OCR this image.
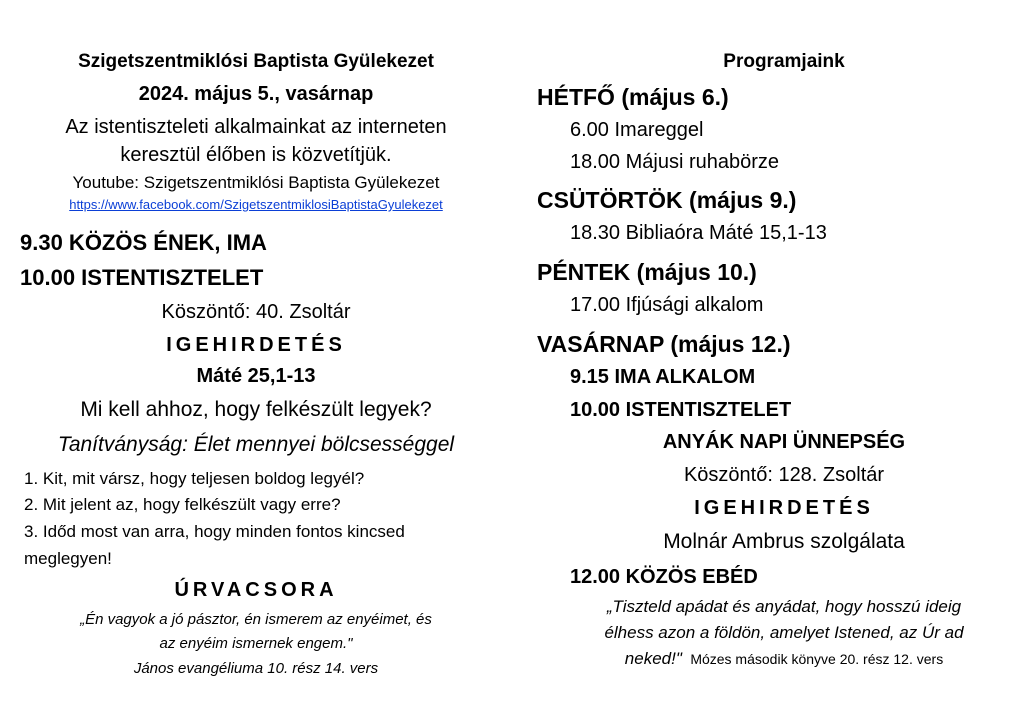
Szigetszentmiklósi Baptista Gyülekezet
2024. május 5., vasárnap
Az istentiszteleti alkalmainkat az interneten
keresztül élőben is közvetítjük.
Youtube: Szigetszentmiklósi Baptista Gyülekezet
https://www.facebook.com/SzigetszentmiklosiBaptistaGyulekezet
9.30 KÖZÖS ÉNEK, IMA
10.00 ISTENTISZTELET
Köszöntő: 40. Zsoltár
IGEHIRDETÉS
Máté 25,1-13
Mi kell ahhoz, hogy felkészült legyek?
Tanítványság: Élet mennyei bölcsességgel
1. Kit, mit vársz, hogy teljesen boldog legyél?
2. Mit jelent az, hogy felkészült vagy erre?
3. Időd most van arra, hogy minden fontos kincsed
meglegyen!
ÚRVACSORA
„Én vagyok a jó pásztor, én ismerem az enyéimet, és
az enyéim ismernek engem."
János evangéliuma 10. rész 14. vers
Programjaink
HÉTFŐ (május 6.)
6.00 Imareggel
18.00 Májusi ruhabörze
CSÜTÖRTÖK (május 9.)
18.30 Bibliaóra Máté 15,1-13
PÉNTEK (május 10.)
17.00 Ifjúsági alkalom
VASÁRNAP (május 12.)
9.15 IMA ALKALOM
10.00 ISTENTISZTELET
ANYÁK NAPI ÜNNEPSÉG
Köszöntő: 128. Zsoltár
IGEHIRDETÉS
Molnár Ambrus szolgálata
12.00 KÖZÖS EBÉD
„Tiszteld apádat és anyádat, hogy hosszú ideig
élhess azon a földön, amelyet Istened, az Úr ad
neked!" Mózes második könyve 20. rész 12. vers
